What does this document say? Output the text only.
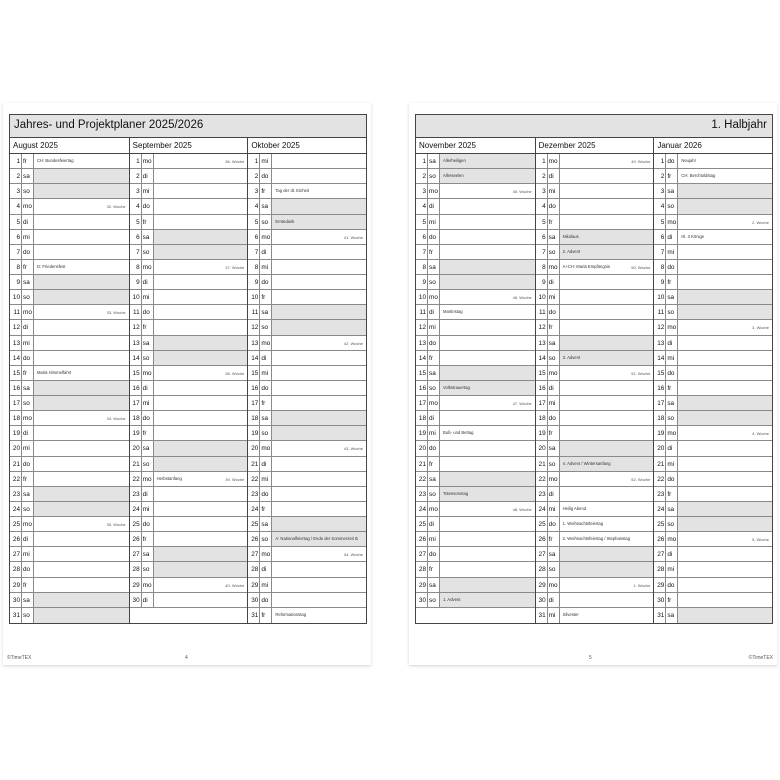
Jahres- und Projektplaner 2025/2026
August 2025
1 fr	CH: Bundesfeiertag
2 sa
3 so
4 mo	32. Woche
5 di
6 mi
7 do
8 fr	D: Friedensfest
9 sa
10 so
11 mo	33. Woche
12 di
13 mi
14 do
15 fr	Mariä Himmelfahrt
16 sa
17 so
18 mo	34. Woche
19 di
20 mi
21 do
22 fr
23 sa
24 so
25 mo	35. Woche
26 di
27 mi
28 do
29 fr
30 sa
31 so
September 2025
1 mo	36. Woche
2 di
3 mi
4 do
5 fr
6 sa
7 so
8 mo	37. Woche
9 di
10 mi
11 do
12 fr
13 sa
14 so
15 mo	38. Woche
16 di
17 mi
18 do
19 fr
20 sa
21 so
22 mo	Herbstanfang	39. Woche
23 di
24 mi
25 do
26 fr
27 sa
28 so
29 mo	40. Woche
30 di
Oktober 2025
1 mi
2 do
3 fr	Tag der dt. Einheit
4 sa
5 so	Erntedank
6 mo	41. Woche
7 di
8 mi
9 do
10 fr
11 sa
12 so
13 mo	42. Woche
14 di
15 mi
16 do
17 fr
18 sa
19 so
20 mo	43. Woche
21 di
22 mi
23 do
24 fr
25 sa
26 so	A: Nationalfeiertag / Ende der Sommerzeit ⏲
27 mo	44. Woche
28 di
29 mi
30 do
31 fr	Reformationstag
©TimeTEX	4
1. Halbjahr
November 2025
1 sa	Allerheiligen
2 so	Allerseelen
3 mo	45. Woche
4 di
5 mi
6 do
7 fr
8 sa
9 so
10 mo	46. Woche
11 di	Martinstag
12 mi
13 do
14 fr
15 sa
16 so	Volkstrauertag
17 mo	47. Woche
18 di
19 mi	Buß- und Bettag
20 do
21 fr
22 sa
23 so	Totensonntag
24 mo	48. Woche
25 di
26 mi
27 do
28 fr
29 sa
30 so	1. Advent
Dezember 2025
1 mo	49. Woche
2 di
3 mi
4 do
5 fr
6 sa	Nikolaus
7 so	2. Advent
8 mo	A+CH: Mariä Empfängnis	50. Woche
9 di
10 mi
11 do
12 fr
13 sa
14 so	3. Advent
15 mo	51. Woche
16 di
17 mi
18 do
19 fr
20 sa
21 so	4. Advent / Wintersanfang
22 mo	52. Woche
23 di
24 mi	Heilig Abend
25 do	1. Weihnachtsfeiertag
26 fr	2. Weihnachtsfeiertag / Stephanstag
27 sa
28 so
29 mo	1. Woche
30 di
31 mi	Silvester
Januar 2026
1 do	Neujahr
2 fr	CH: Berchtoldstag
3 sa
4 so
5 mo	2. Woche
6 di	Hl. 3 Könige
7 mi
8 do
9 fr
10 sa
11 so
12 mo	3. Woche
13 di
14 mi
15 do
16 fr
17 sa
18 so
19 mo	4. Woche
20 di
21 mi
22 do
23 fr
24 sa
25 so
26 mo	5. Woche
27 di
28 mi
29 do
30 fr
31 sa
5	©TimeTEX
